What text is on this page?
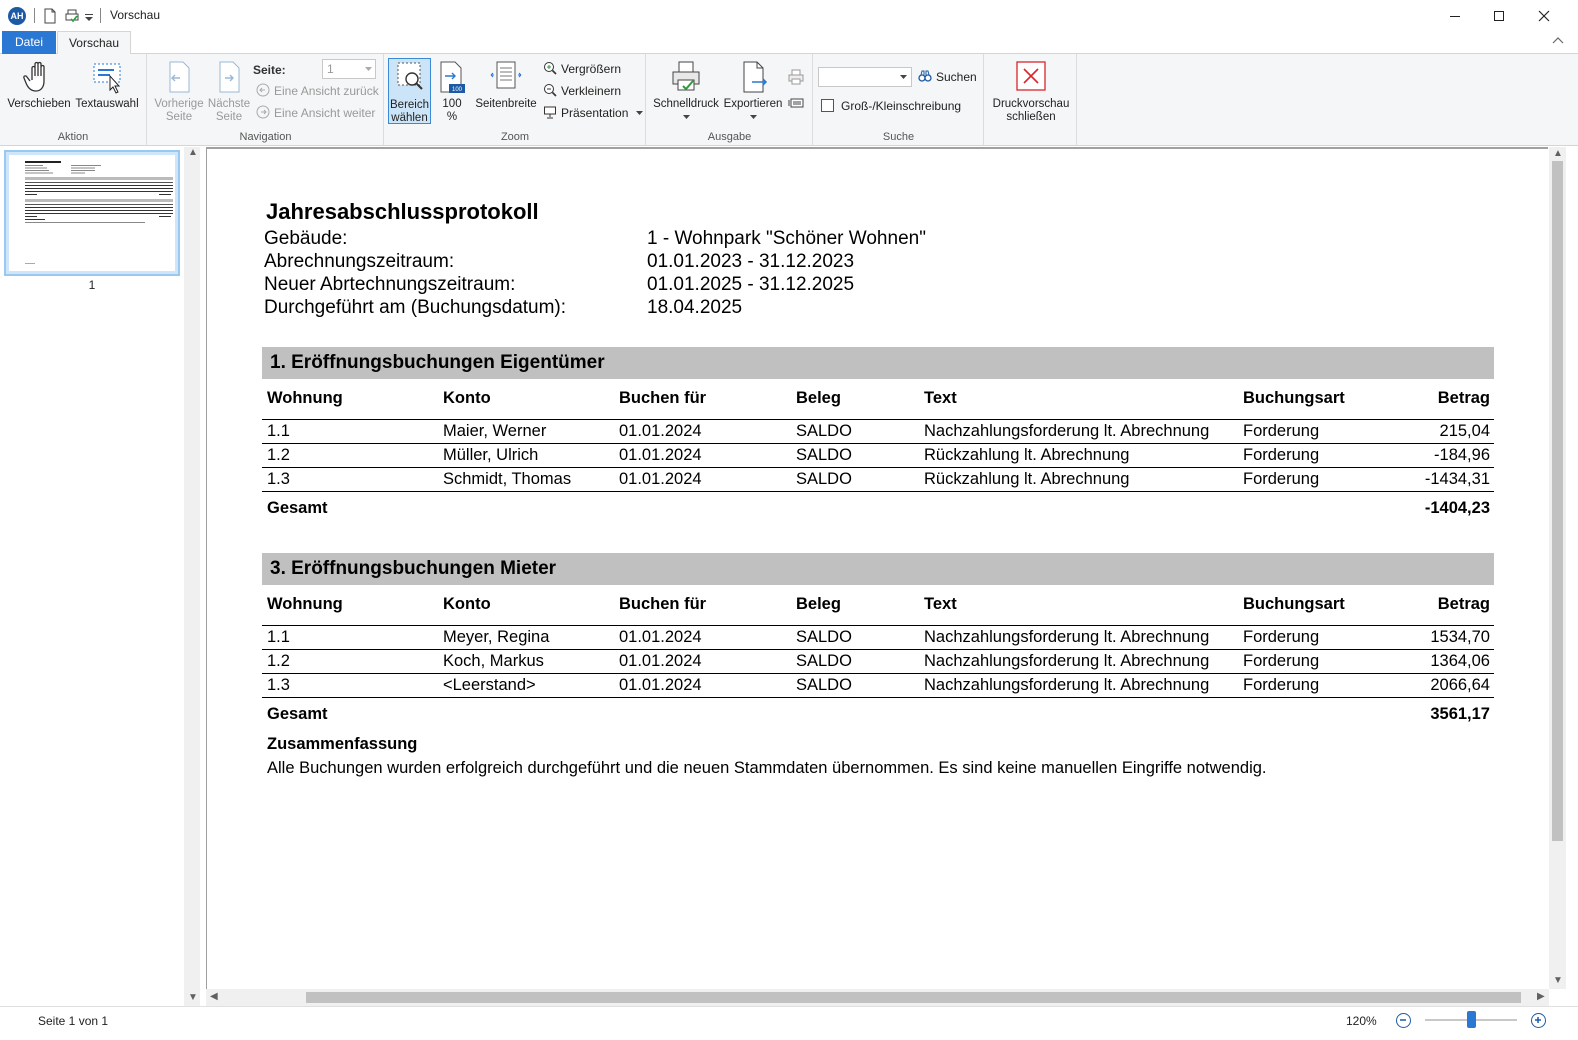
AH	Vorschau
Datei	Vorschau
Verschieben Textauswahl
Aktion
Vorherige
Seite
Nächste
Seite
Seite:	1
Eine Ansicht zurück
Eine Ansicht weiter
Navigation
Bereich
wählen
100
100
%
Seitenbreite
Vergrößern
Verkleinern
Präsentation
Zoom
Schnelldruck Exportieren

Ausgabe
Suchen
Groß-/Kleinschreibung
Suche
Druckvorschau
schließen
1
▲
▼
Jahresabschlussprotokoll
Gebäude:	1 - Wohnpark "Schöner Wohnen"
Abrechnungszeitraum:	01.01.2023 - 31.12.2023
Neuer Abrtechnungszeitraum:	01.01.2025 - 31.12.2025
Durchgeführt am (Buchungsdatum):	18.04.2025
1. Eröffnungsbuchungen Eigentümer
Wohnung	Konto	Buchen für	Beleg	Text	Buchungsart	Betrag
1.1	Maier, Werner	01.01.2024	SALDO	Nachzahlungsforderung lt. Abrechnung	Forderung	215,04
1.2	Müller, Ulrich	01.01.2024	SALDO	Rückzahlung lt. Abrechnung	Forderung	-184,96
1.3	Schmidt, Thomas	01.01.2024	SALDO	Rückzahlung lt. Abrechnung	Forderung	-1434,31
Gesamt						-1404,23
3. Eröffnungsbuchungen Mieter
Wohnung	Konto	Buchen für	Beleg	Text	Buchungsart	Betrag
1.1	Meyer, Regina	01.01.2024	SALDO	Nachzahlungsforderung lt. Abrechnung	Forderung	1534,70
1.2	Koch, Markus	01.01.2024	SALDO	Nachzahlungsforderung lt. Abrechnung	Forderung	1364,06
1.3	<Leerstand>	01.01.2024	SALDO	Nachzahlungsforderung lt. Abrechnung	Forderung	2066,64
Gesamt						3561,17
Zusammenfassung
Alle Buchungen wurden erfolgreich durchgeführt und die neuen Stammdaten übernommen. Es sind keine manuellen Eingriffe notwendig.
▲
▼
◀	▶
Seite 1 von 1	120%
